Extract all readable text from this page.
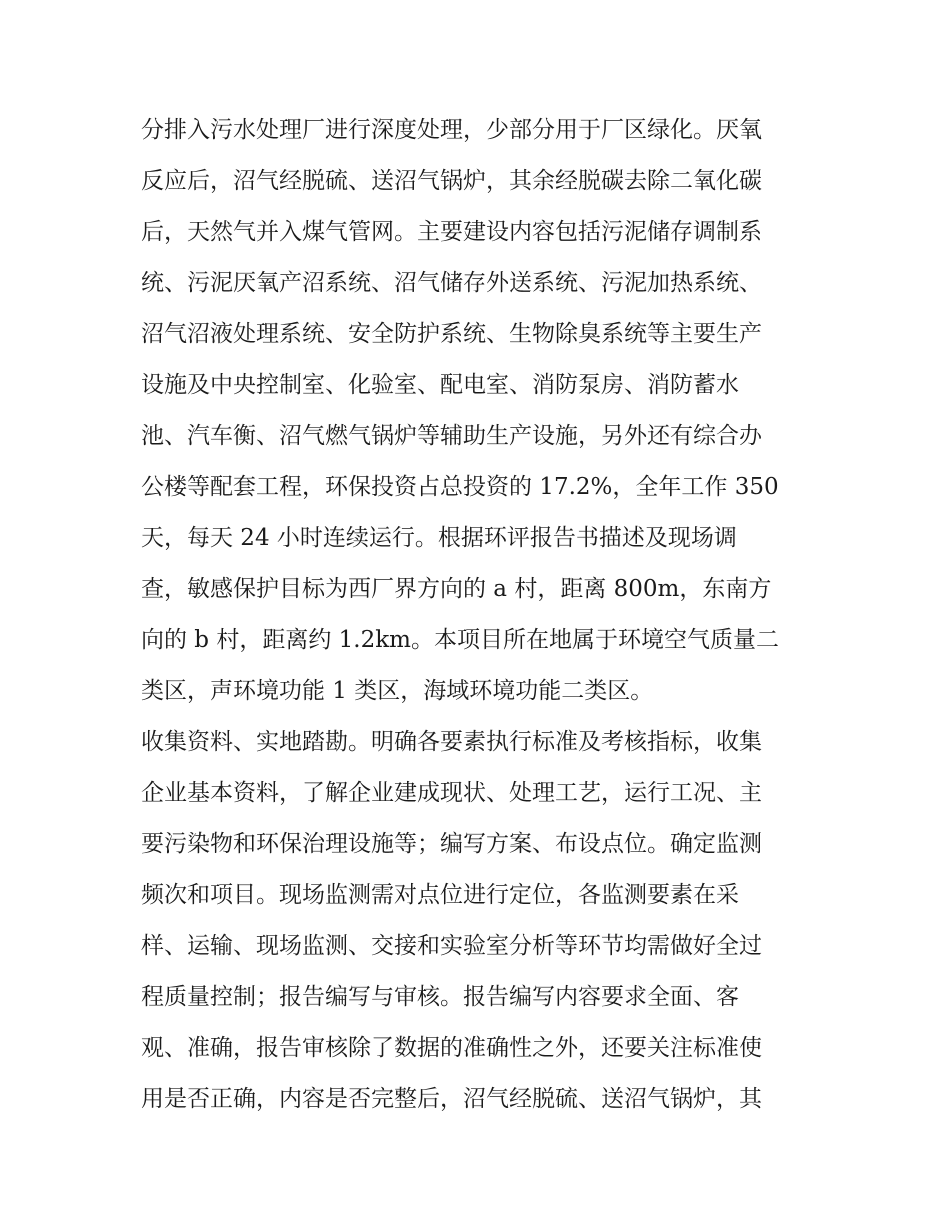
分排入污水处理厂进行深度处理，少部分用于厂区绿化。厌氧
反应后，沼气经脱硫、送沼气锅炉，其余经脱碳去除二氧化碳
后，天然气并入煤气管网。主要建设内容包括污泥储存调制系
统、污泥厌氧产沼系统、沼气储存外送系统、污泥加热系统、
沼气沼液处理系统、安全防护系统、生物除臭系统等主要生产
设施及中央控制室、化验室、配电室、消防泵房、消防蓄水
池、汽车衡、沼气燃气锅炉等辅助生产设施，另外还有综合办
公楼等配套工程，环保投资占总投资的 17.2%，全年工作 350
天，每天 24 小时连续运行。根据环评报告书描述及现场调
查，敏感保护目标为西厂界方向的 a 村，距离 800m，东南方
向的 b 村，距离约 1.2km。本项目所在地属于环境空气质量二
类区，声环境功能 1 类区，海域环境功能二类区。
收集资料、实地踏勘。明确各要素执行标准及考核指标，收集
企业基本资料，了解企业建成现状、处理工艺，运行工况、主
要污染物和环保治理设施等；编写方案、布设点位。确定监测
频次和项目。现场监测需对点位进行定位，各监测要素在采
样、运输、现场监测、交接和实验室分析等环节均需做好全过
程质量控制；报告编写与审核。报告编写内容要求全面、客
观、准确，报告审核除了数据的准确性之外，还要关注标准使
用是否正确，内容是否完整后，沼气经脱硫、送沼气锅炉，其
